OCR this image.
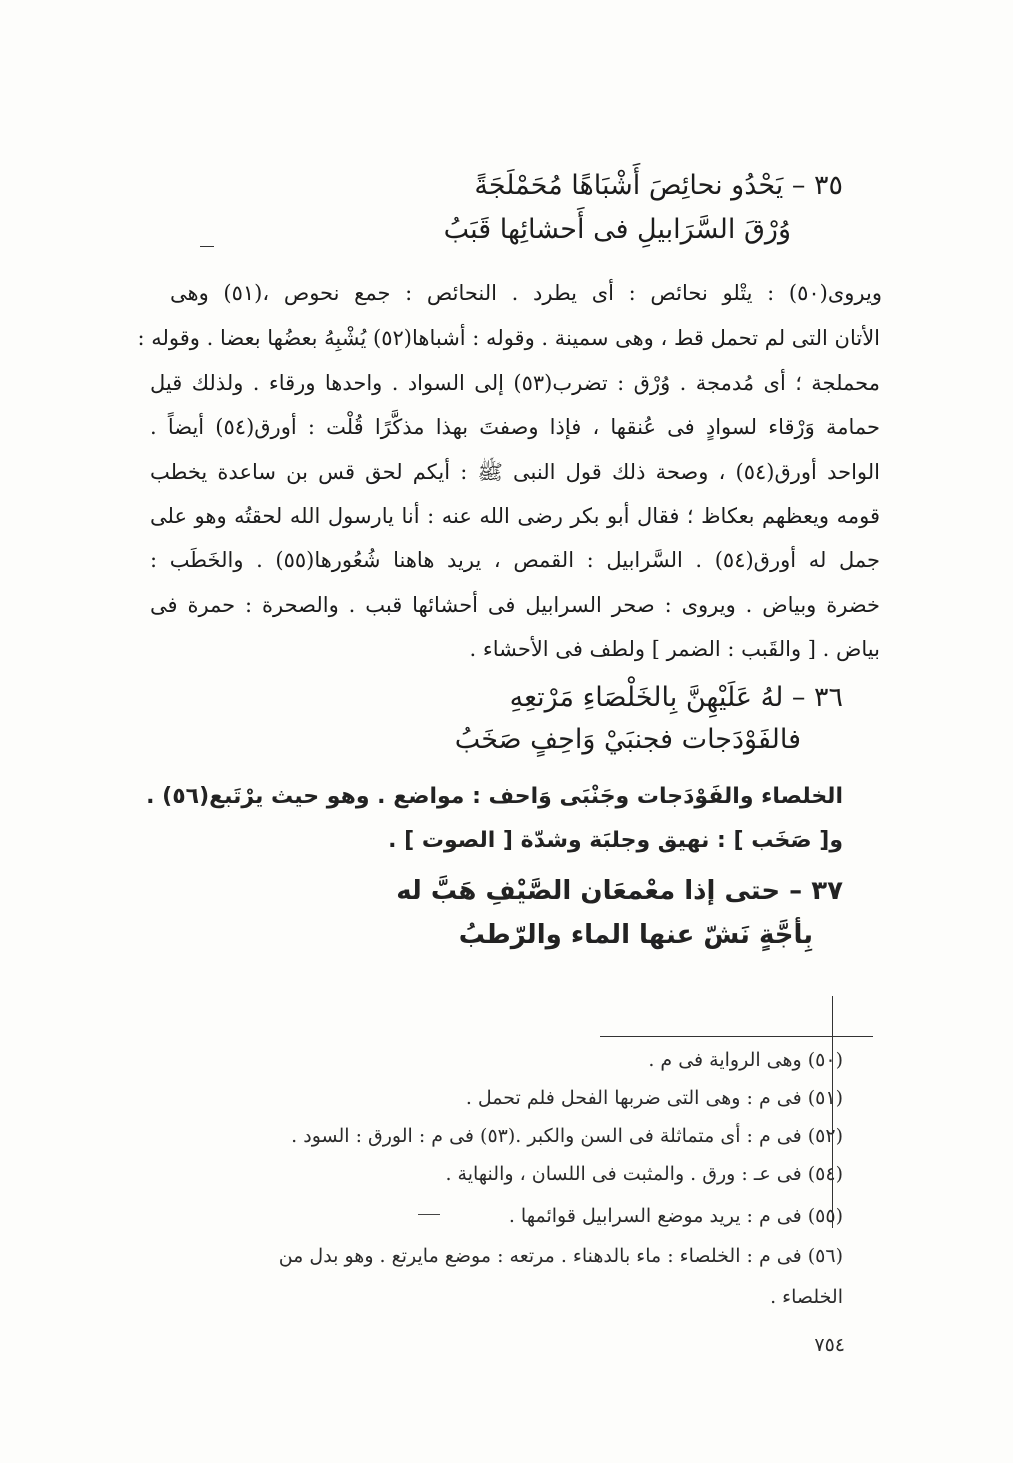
٣٥ – يَحْدُو نحائِصَ أَشْبَاهًا مُحَمْلَجَةً
وُرْقَ السَّرَابيلِ فى أَحشائِها قَبَبُ
ويروى(٥٠) : يتْلو نحائص : أى يطرد . النحائص : جمع نحوص ،(٥١) وهى
الأتان التى لم تحمل قط ، وهى سمينة . وقوله : أشباها(٥٢) يُشْبِهُ بعضُها بعضا . وقوله :
محملجة ؛ أى مُدمجة . وُرْق : تضرب(٥٣) إلى السواد . واحدها ورقاء . ولذلك قيل
حمامة وَرْقاء لسوادٍ فى عُنقها ، فإذا وصفتَ بهذا مذكَّرًا قُلْت : أورق(٥٤) أيضاً .
الواحد أورق(٥٤) ، وصحة ذلك قول النبى ﷺ : أيكم لحق قس بن ساعدة يخطب
قومه ويعظهم بعكاظ ؛ فقال أبو بكر رضى الله عنه : أنا يارسول الله لحقتُه وهو على
جمل له أورق(٥٤) . السَّرابيل : القمص ، يريد هاهنا شُعُورها(٥٥) . والخَطَب :
خضرة وبياض . ويروى : صحر السرابيل فى أحشائها قبب . والصحرة : حمرة فى
بياض . [ والقَبب : الضمر ] ولطف فى الأحشاء .
٣٦ – لهُ عَلَيْهِنَّ بِالخَلْصَاءِ مَرْتعِهِ
فالفَوْدَجات فجنبَيْ وَاحِفٍ صَخَبُ
الخلصاء والفَوْدَجات وجَنْبَى وَاحف : مواضع . وهو حيث يرْتَبع(٥٦) .
و[ صَخَب ] : نهيق وجلبَة وشدّة [ الصوت ] .
٣٧ – حتى إذا معْمعَان الصَّيْفِ هَبَّ له
بِأجَّةٍ نَشّ عنها الماء والرّطبُ
(٥٠) وهى الرواية فى م .
(٥١) فى م : وهى التى ضربها الفحل فلم تحمل .
(٥٢) فى م : أى متماثلة فى السن والكبر .(٥٣) فى م : الورق : السود .
(٥٤) فى عـ : ورق . والمثبت فى اللسان ، والنهاية .
(٥٥) فى م : يريد موضع السرابيل قوائمها .
(٥٦) فى م : الخلصاء : ماء بالدهناء . مرتعه : موضع مايرتع . وهو بدل من
الخلصاء .
٧٥٤
